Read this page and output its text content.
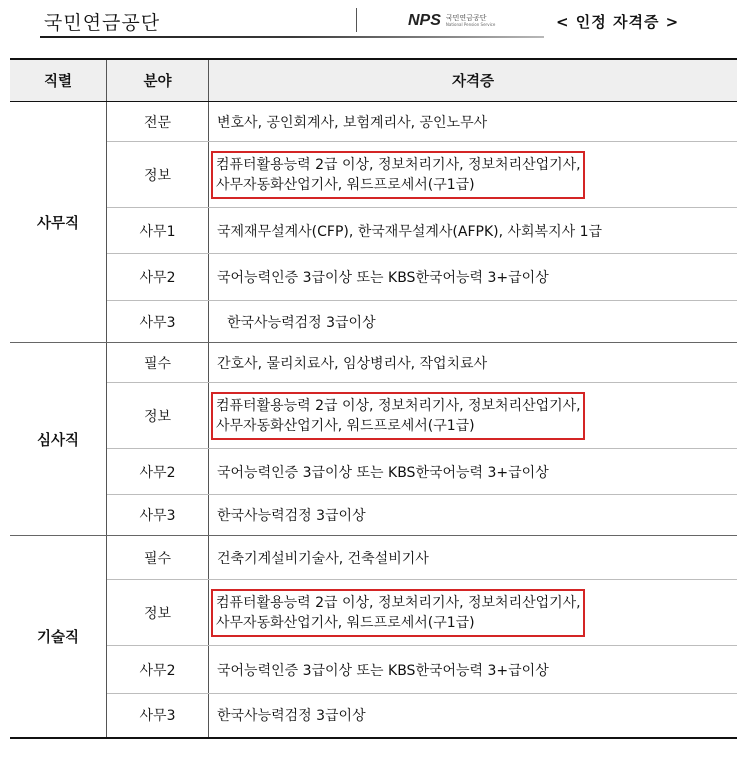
국민연금공단	NPS 국민연금공단
National Pension Service	< 인정 자격증 >
직렬	분야	자격증
사무직	전문	변호사, 공인회계사, 보험계리사, 공인노무사

	정보	컴퓨터활용능력 2급 이상, 정보처리기사, 정보처리산업기사,
사무자동화산업기사, 워드프로세서(구1급)

	사무1	국제재무설계사(CFP), 한국재무설계사(AFPK), 사회복지사 1급

	사무2	국어능력인증 3급이상 또는 KBS한국어능력 3+급이상

	사무3	한국사능력검정 3급이상

심사직	필수	간호사, 물리치료사, 임상병리사, 작업치료사

	정보	컴퓨터활용능력 2급 이상, 정보처리기사, 정보처리산업기사,
사무자동화산업기사, 워드프로세서(구1급)

	사무2	국어능력인증 3급이상 또는 KBS한국어능력 3+급이상

	사무3	한국사능력검정 3급이상

기술직	필수	건축기계설비기술사, 건축설비기사

	정보	컴퓨터활용능력 2급 이상, 정보처리기사, 정보처리산업기사,
사무자동화산업기사, 워드프로세서(구1급)

	사무2	국어능력인증 3급이상 또는 KBS한국어능력 3+급이상

	사무3	한국사능력검정 3급이상
